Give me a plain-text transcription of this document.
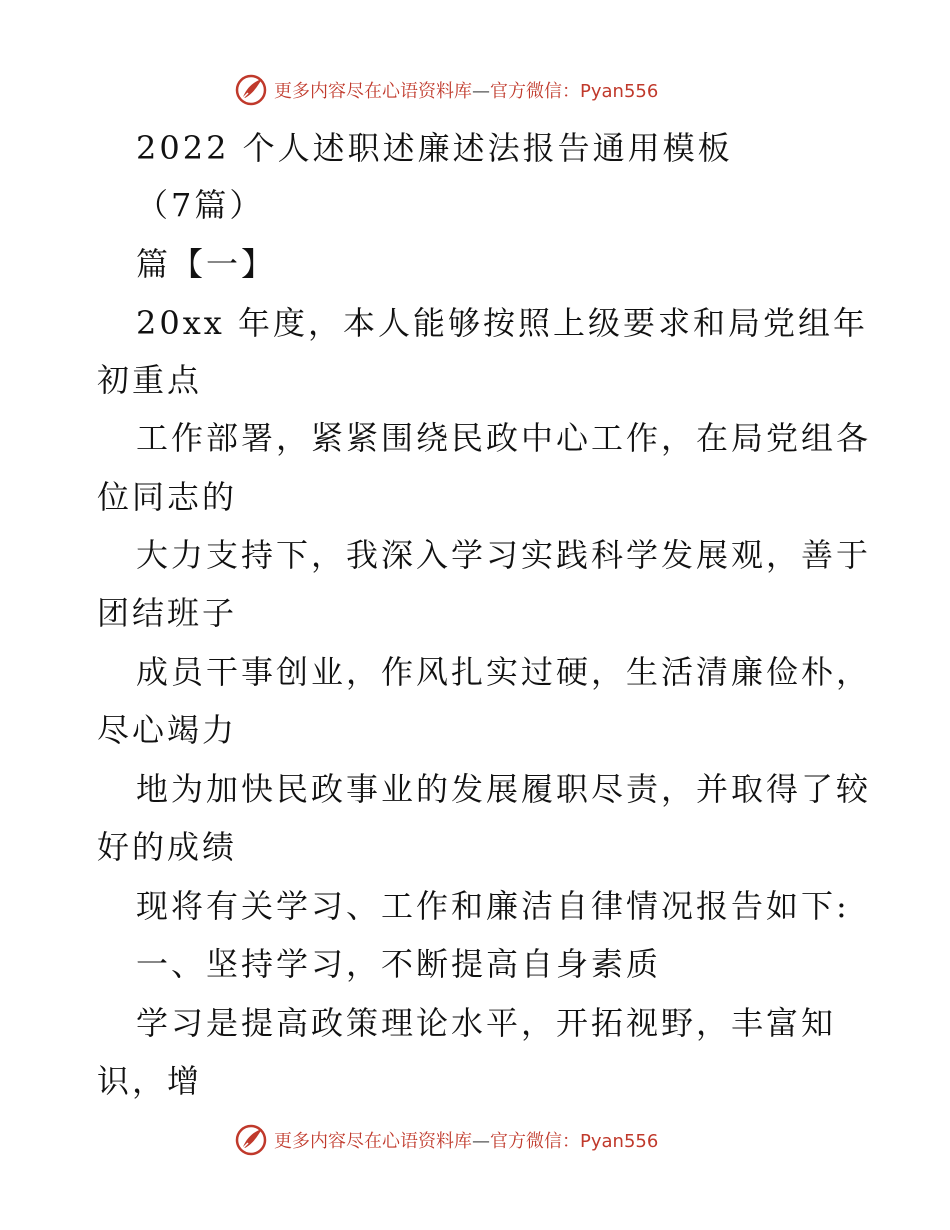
更多内容尽在心语资料库—官方微信：Pyan556
2022 个人述职述廉述法报告通用模板
（7篇）
篇【一】
20xx 年度，本人能够按照上级要求和局党组年
初重点
工作部署，紧紧围绕民政中心工作，在局党组各
位同志的
大力支持下，我深入学习实践科学发展观，善于
团结班子
成员干事创业，作风扎实过硬，生活清廉俭朴，
尽心竭力
地为加快民政事业的发展履职尽责，并取得了较
好的成绩
现将有关学习、工作和廉洁自律情况报告如下:
一、坚持学习，不断提高自身素质
学习是提高政策理论水平，开拓视野，丰富知
识，增
更多内容尽在心语资料库—官方微信：Pyan556
